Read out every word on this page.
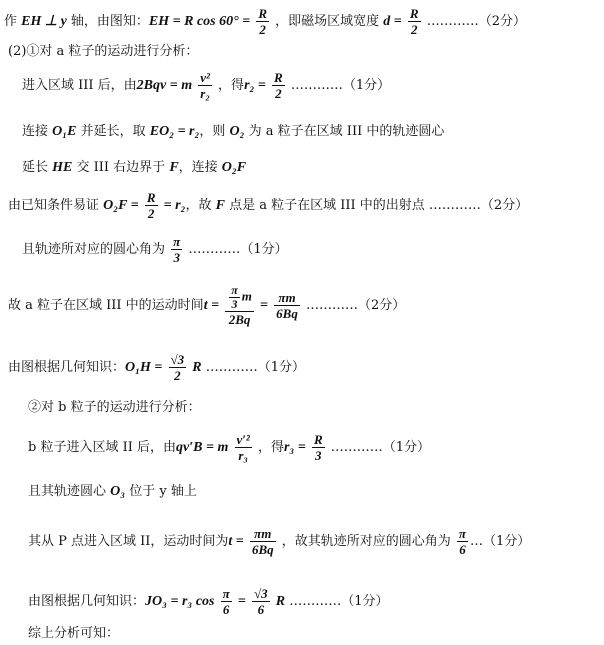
作 EH ⊥ y 轴，由图知：EH = R $\cos 60^\circ = \frac{R}{2}$ ，即磁场区域宽度 $d = \frac{R}{2}$ …………（2分）
(2)①对 a 粒子的运动进行分析：
进入区域 III 后，由2Bqv = m $\frac{\text{v²}}{\text{r₂}}$ ，得$r_2 = \frac{R}{2}$ …………（1分）
连接 O₁E 并延长，取 EO₂ = r₂，则 O₂ 为 a 粒子在区域 III 中的轨迹圆心
延长 HE 交 III 右边界于 F，连接 O₂F
由已知条件易证 $O_2F = \frac{R}{2} = r_2$，故 F 点是 a 粒子在区域 III 中的出射点 …………（2分）
且轨迹所对应的圆心角为 $\frac{\pi}{3}$ …………（1分）
故 a 粒子在区域 III 中的运动时间$t = \frac{\frac{\pi}{3} m}{2Bq} = \frac{\pi m}{6Bq}$ …………（2分）
由图根据几何知识：$O_1H = \frac{√3}{2}$ R …………（1分）
②对 b 粒子的运动进行分析：
b 粒子进入区域 II 后，由qv′B = m $\frac{\text{v′²}}{\text{r₃}}$ ，得$r_3 = \frac{R}{3}$ …………（1分）
且其轨迹圆心 O₃ 位于 y 轴上
其从 P 点进入区域 II，运动时间为$t = \frac{\pi m}{6Bq}$ ，故其轨迹所对应的圆心角为 $\frac{\pi}{6}$ …（1分）
由图根据几何知识：JO₃ = r₃ $\cos \frac{\pi}{6} = \frac{√3}{6}$ R …………（1分）
综上分析可知：
